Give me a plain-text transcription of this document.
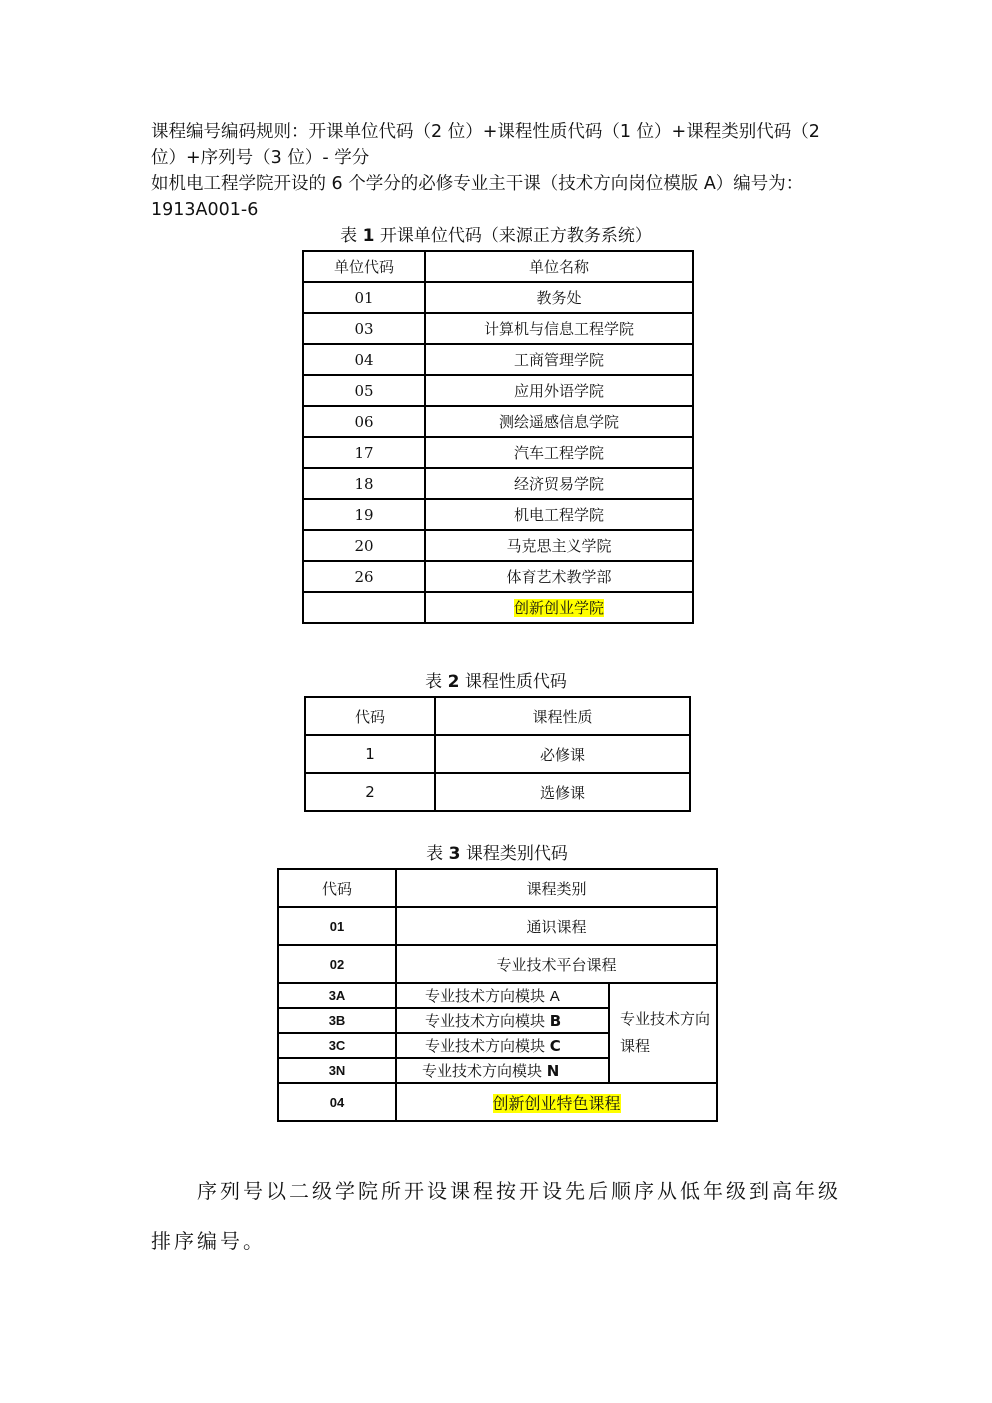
课程编号编码规则：开课单位代码（2 位）+课程性质代码（1 位）+课程类别代码（2 位）+序列号（3 位）- 学分
如机电工程学院开设的 6 个学分的必修专业主干课（技术方向岗位模版 A）编号为：1913A001-6
表 1 开课单位代码（来源正方教务系统）
单位代码	单位名称
01	教务处
03	计算机与信息工程学院
04	工商管理学院
05	应用外语学院
06	测绘遥感信息学院
17	汽车工程学院
18	经济贸易学院
19	机电工程学院
20	马克思主义学院
26	体育艺术教学部
	创新创业学院
表 2 课程性质代码
代码	课程性质
1	必修课
2	选修课
表 3 课程类别代码
代码	课程类别	
01	通识课程	
02	专业技术平台课程	
3A	专业技术方向模块 A	专业技术方向课程
3B	专业技术方向模块 B	
3C	专业技术方向模块 C	
3N	专业技术方向模块 N	
04	创新创业特色课程	
序列号以二级学院所开设课程按开设先后顺序从低年级到高年级排序编号。
